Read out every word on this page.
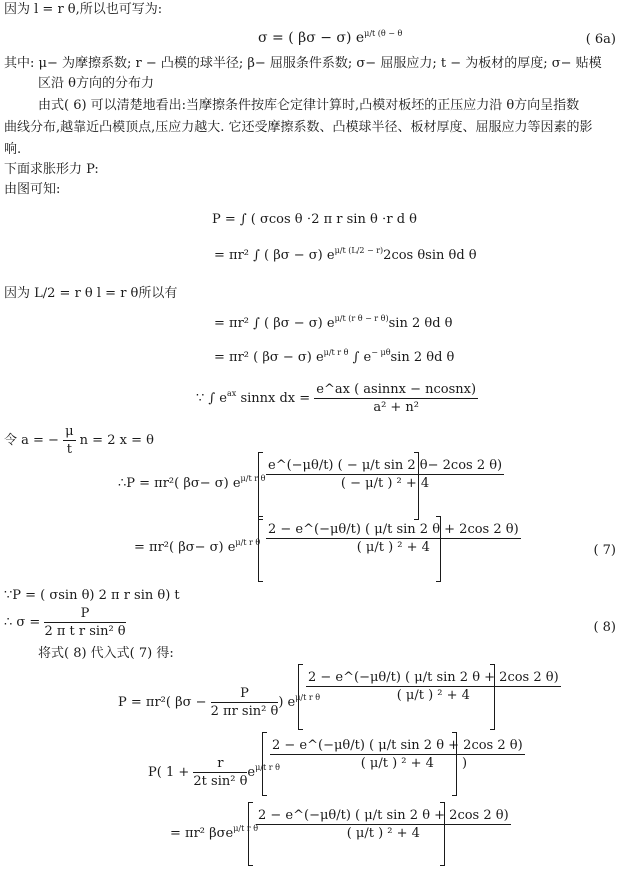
因为 l = r θ,所以也可写为:
σ = ( βσ − σ) $e^{\mu/t (\theta - \theta}$	( 6a)
其中: μ− 为摩擦系数; r − 凸模的球半径; β− 屈服条件系数; σ− 屈服应力; t − 为板材的厚度; σ− 贴模
区沿 θ方向的分布力
由式( 6) 可以清楚地看出:当摩擦条件按库仑定律计算时,凸模对板坯的正压应力沿 θ方向呈指数
曲线分布,越靠近凸模顶点,压应力越大. 它还受摩擦系数、凸模球半径、板材厚度、屈服应力等因素的影
响.
下面求胀形力 P:
由图可知:
P = ∫ ( σcos θ ⋅2 π r sin θ ⋅r d θ
= πr² ∫ ( βσ − σ) $e^{\mu/t (L/2 - r)}2\cos$ θsin θd θ
因为 L/2 = r θ l = r θ所以有
= πr² ∫ ( βσ − σ) $e^{\mu/t (r \theta - r \theta)}\sin$ 2 θd θ
= πr² ( βσ − σ) $e^{\mu/t r \theta}$ ∫ $e^{- \mu\theta}\sin$ 2 θd θ
∵ ∫ $e^{ax}$ sinnx dx = $\frac{\text{e\textasciicircum{}ax ( asinnx − ncosnx)}}{\text{a² + n²}}$
令 a = − $\frac{\mu}{t}$ n = 2 x = θ
∴P = πr²( βσ− σ) $e^{\mu/t r \theta} \frac{\text{e\textasciicircum{}(−μθ/t) ( − μ/t sin 2 θ− 2cos 2 θ)}}{\text{( − μ/t ) ² + 4}}$
= πr²( βσ− σ) $e^{\mu/t r \theta} \frac{\text{2 − e\textasciicircum{}(−μθ/t) ( μ/t sin 2 θ + 2cos 2 θ)}}{\text{( μ/t ) ² + 4}}$	( 7)
∵P = ( σsin θ) 2 π r sin θ) t
∴ $\sigma = \frac{P}{\text{2 π t r sin² θ}}$	( 8)
将式( 8) 代入式( 7) 得:
P = πr²( $\beta\sigma - \frac{P}{\text{2 πr sin² θ}}$ ) $e^{\mu/t r \theta}$
$\frac{\text{2 − e\textasciicircum{}(−μθ/t) ( μ/t sin 2 θ + 2cos 2 θ)}}{\text{( μ/t ) ² + 4}}$
P( $1 + \frac{r}{\text{2t sin² θ}} e^{\mu/t r \theta}$
$\frac{\text{2 − e\textasciicircum{}(−μθ/t) ( μ/t sin 2 θ + 2cos 2 θ)}}{\text{( μ/t ) ² + 4}}$
)
= πr² βσe$^{\mu/t r \theta}$
$\frac{\text{2 − e\textasciicircum{}(−μθ/t) ( μ/t sin 2 θ + 2cos 2 θ)}}{\text{( μ/t ) ² + 4}}$
